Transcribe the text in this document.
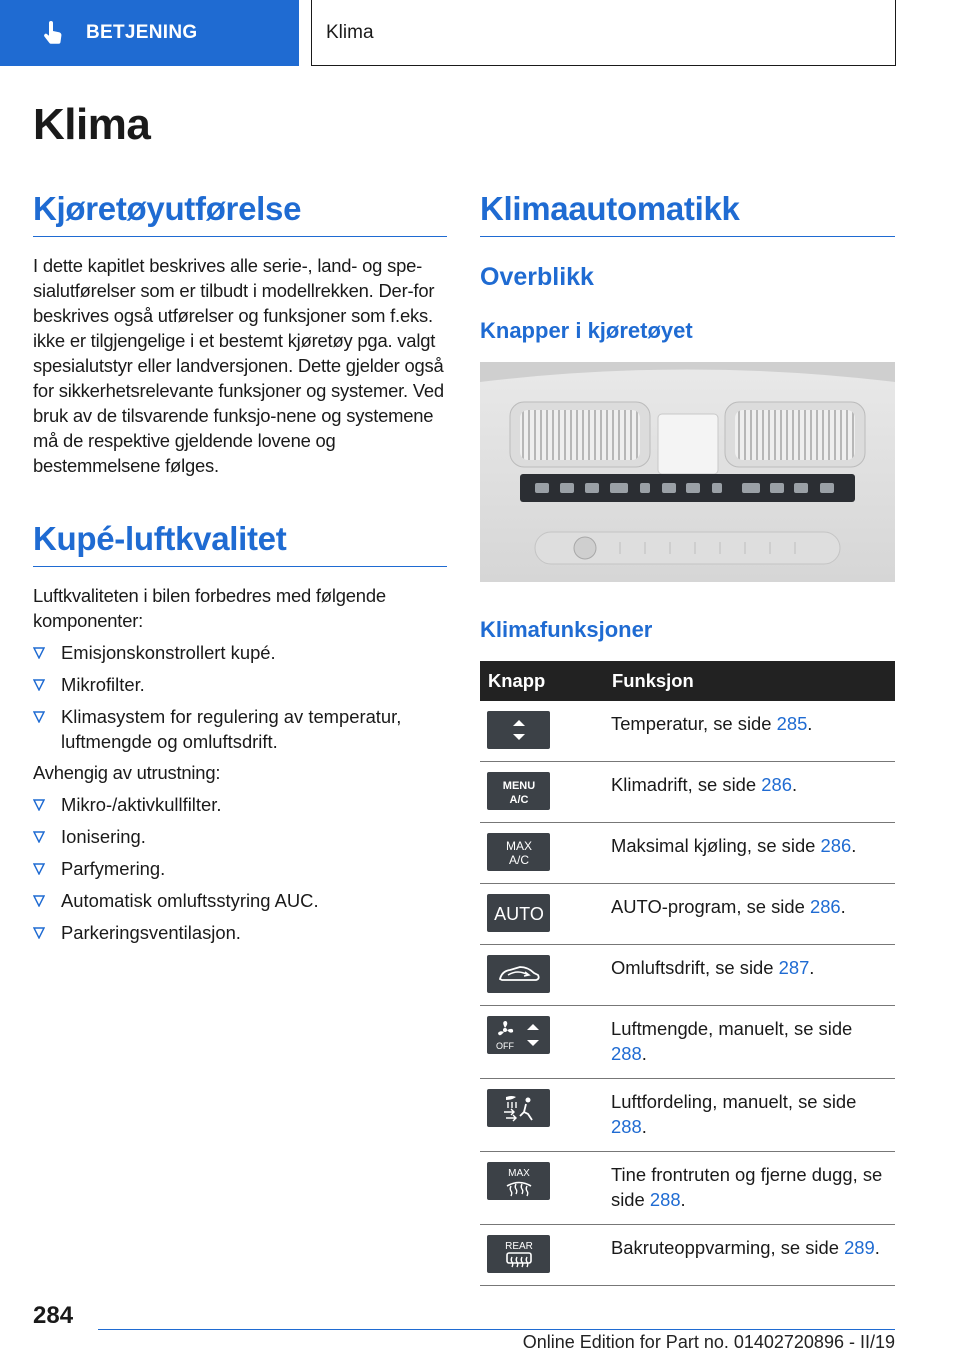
BETJENING	Klima
Klima
Kjøretøyutførelse

I dette kapitlet beskrives alle serie-, land- og spe-sialutførelser som er tilbudt i modellrekken. Der-for beskrives også utførelser og funksjoner som f.eks. ikke er tilgjengelige i et bestemt kjøretøy pga. valgt spesialutstyr eller landversjonen. Dette gjelder også for sikkerhetsrelevante funksjoner og systemer. Ved bruk av de tilsvarende funksjo-nene og systemene må de respektive gjeldende lovene og bestemmelsene følges.

Kupé-luftkvalitet

Luftkvaliteten i bilen forbedres med følgende komponenter:

Emisjonskonstrollert kupé.
Mikrofilter.
Klimasystem for regulering av temperatur, luftmengde og omluftsdrift.

Avhengig av utrustning:

Mikro-/aktivkullfilter.
Ionisering.
Parfymering.
Automatisk omluftsstyring AUC.
Parkeringsventilasjon.
Klimaautomatikk
Overblikk
Knapper i kjøretøyet
Klimafunksjoner
Knapp	Funksjon

	Temperatur, se side 285.

MENU
A/C	Klimadrift, se side 286.

MAX
A/C	Maksimal kjøling, se side 286.

AUTO	AUTO-program, se side 286.

	Omluftsdrift, se side 287.

OFF	Luftmengde, manuelt, se side 288.

	Luftfordeling, manuelt, se side 288.

MAX	Tine frontruten og fjerne dugg, se side 288.

REAR	Bakruteoppvarming, se side 289.
284
Online Edition for Part no. 01402720896 - II/19
